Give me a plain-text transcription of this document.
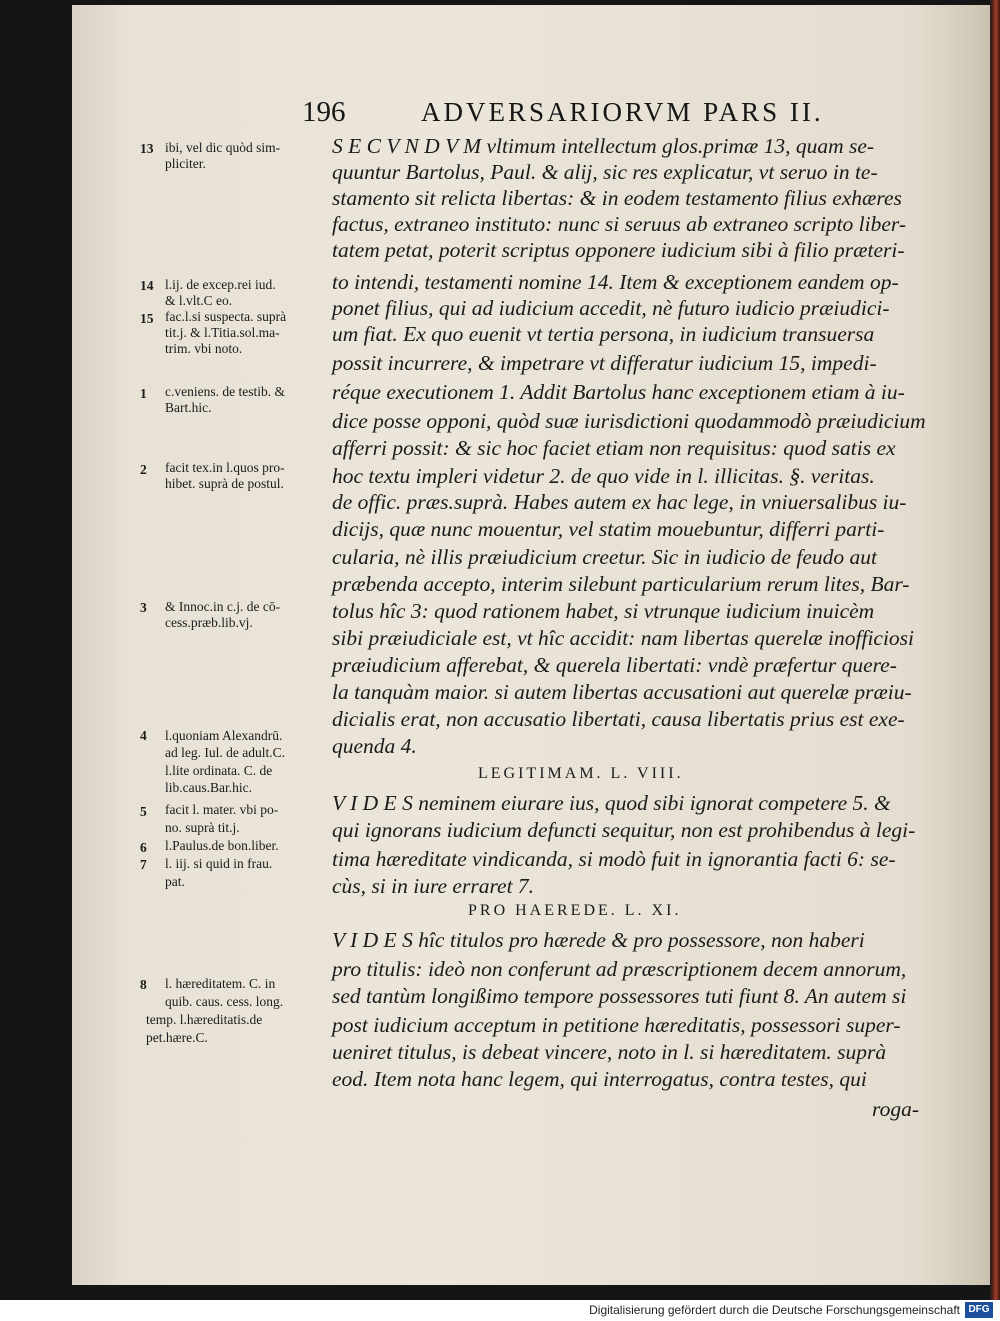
196	ADVERSARIORVM PARS II.
S E C V N D V M vltimum intellectum glos.primæ 13, quam se-
quuntur Bartolus, Paul. & alij, sic res explicatur, vt seruo in te-
stamento sit relicta libertas: & in eodem testamento filius exhæres
factus, extraneo instituto: nunc si seruus ab extraneo scripto liber-
tatem petat, poterit scriptus opponere iudicium sibi à filio præteri-
to intendi, testamenti nomine 14. Item & exceptionem eandem op-
ponet filius, qui ad iudicium accedit, nè futuro iudicio præiudici-
um fiat. Ex quo euenit vt tertia persona, in iudicium transuersa
possit incurrere, & impetrare vt differatur iudicium 15, impedi-
réque executionem 1. Addit Bartolus hanc exceptionem etiam à iu-
dice posse opponi, quòd suæ iurisdictioni quodammodò præiudicium
afferri possit: & sic hoc faciet etiam non requisitus: quod satis ex
hoc textu impleri videtur 2. de quo vide in l. illicitas. §. veritas.
de offic. præs.suprà. Habes autem ex hac lege, in vniuersalibus iu-
dicijs, quæ nunc mouentur, vel statim mouebuntur, differri parti-
cularia, nè illis præiudicium creetur. Sic in iudicio de feudo aut
præbenda accepto, interim silebunt particularium rerum lites, Bar-
tolus hîc 3: quod rationem habet, si vtrunque iudicium inuicèm
sibi præiudiciale est, vt hîc accidit: nam libertas querelæ inofficiosi
præiudicium afferebat, & querela libertati: vndè præfertur quere-
la tanquàm maior. si autem libertas accusationi aut querelæ præiu-
dicialis erat, non accusatio libertati, causa libertatis prius est exe-
quenda 4.
LEGITIMAM. L. VIII.
V I D E S neminem eiurare ius, quod sibi ignorat competere 5. &
qui ignorans iudicium defuncti sequitur, non est prohibendus à legi-
tima hæreditate vindicanda, si modò fuit in ignorantia facti 6: se-
cùs, si in iure erraret 7.
PRO HAEREDE. L. XI.
V I D E S hîc titulos pro hærede & pro possessore, non haberi
pro titulis: ideò non conferunt ad præscriptionem decem annorum,
sed tantùm longißimo tempore possessores tuti fiunt 8. An autem si
post iudicium acceptum in petitione hæreditatis, possessori super-
ueniret titulus, is debeat vincere, noto in l. si hæreditatem. suprà
eod. Item nota hanc legem, qui interrogatus, contra testes, qui
roga-
13 ibi, vel dic quòd sim-
pliciter.
14 l.ij. de excep.rei iud.
& l.vlt.C eo.
15 fac.l.si suspecta. suprà
tit.j. & l.Titia.sol.ma-
trim. vbi noto.
1 c.veniens. de testib. &
Bart.hic.
2 facit tex.in l.quos pro-
hibet. suprà de postul.
3 & Innoc.in c.j. de cō-
cess.præb.lib.vj.
4 l.quoniam Alexandrū.
ad leg. Iul. de adult.C.
l.lite ordinata. C. de
lib.caus.Bar.hic.
5 facit l. mater. vbi po-
no. suprà tit.j.
6 l.Paulus.de bon.liber.
7 l. iij. si quid in frau.
pat.
8 l. hæreditatem. C. in
quib. caus. cess. long.
temp. l.hæreditatis.de
pet.hære.C.
Digitalisierung gefördert durch die Deutsche Forschungsgemeinschaft DFG
